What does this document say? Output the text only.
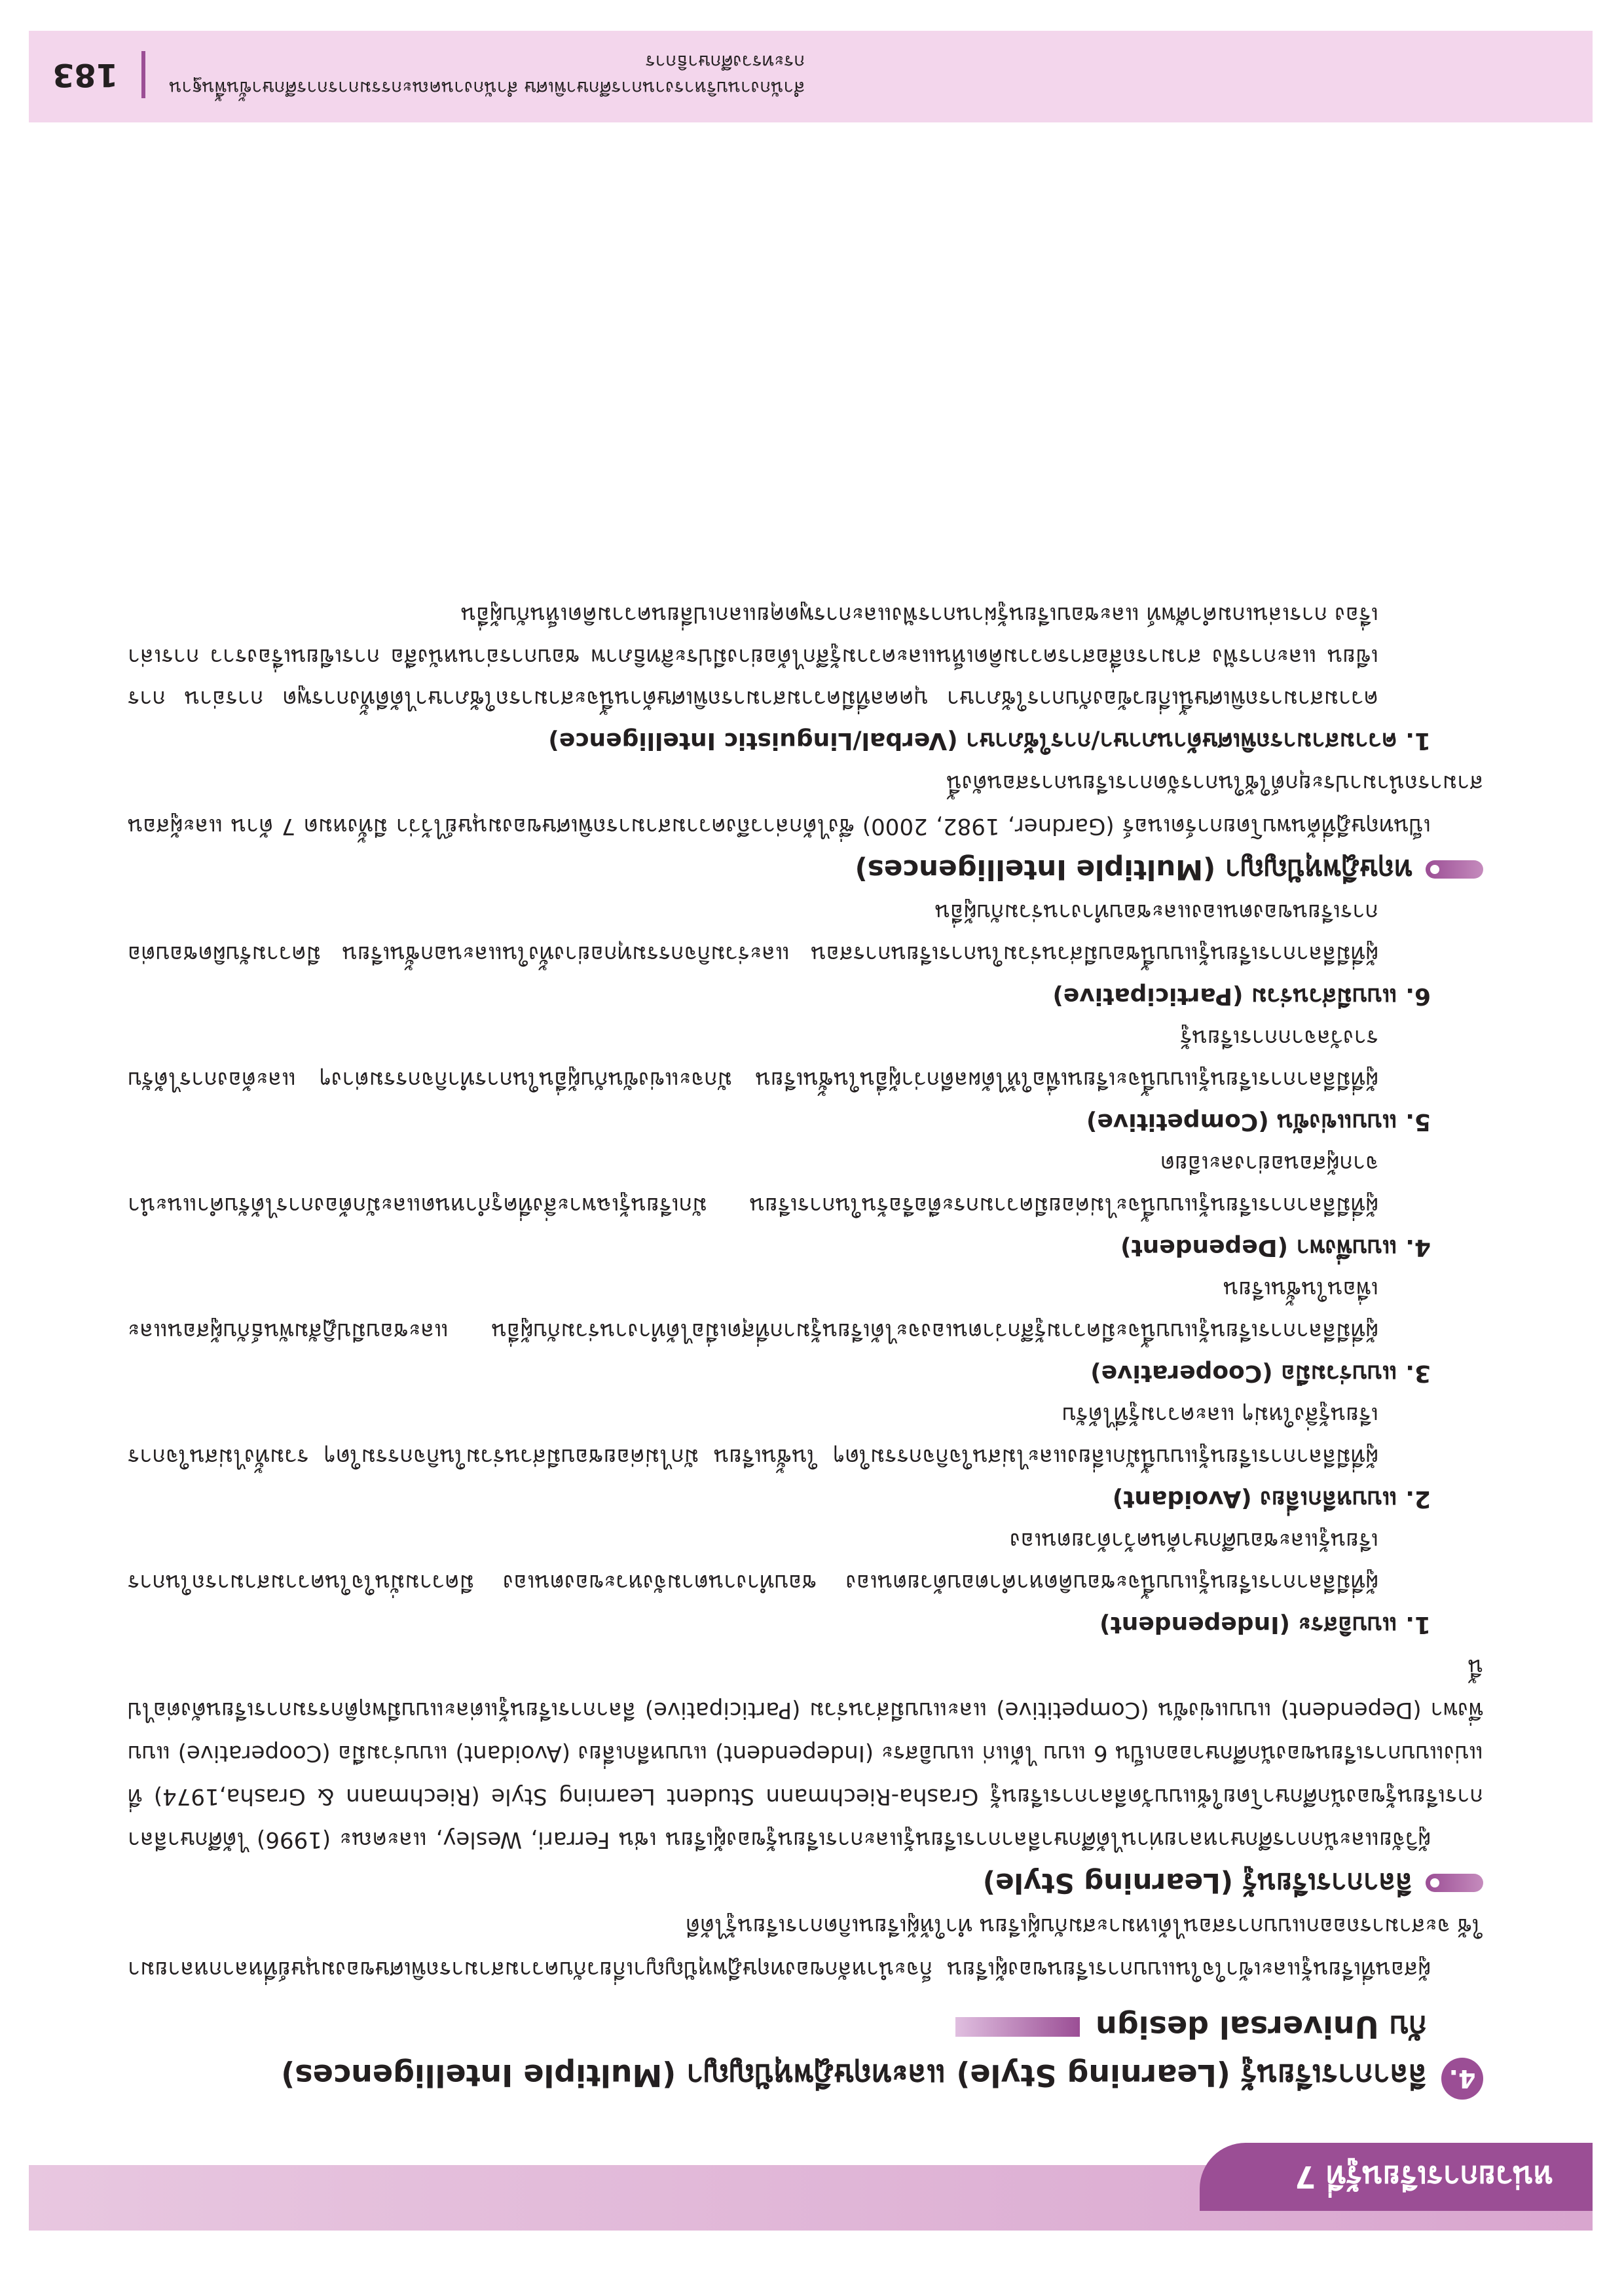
หน่วยการเรียนรู้ที่ 7
4.
ลีลาการเรียนรู้ (Learning Style) และทฤษฎีพหุปัญญา (Multiple Intelligences)
กับ Universal design

ผู้สอนที่เรียนรู้และเข้าใจในแบบการเรียนของผู้เรียน ก็จะนำหลักของทฤษฎีพหุปัญญาเกี่ยวกับความสามารถพิเศษของมนุษย์ที่หลากหลายมาใช้ จะสามารถออกแบบการสอนได้เหมาะสมกับผู้เรียน ทำให้ผู้เรียนเกิดการเรียนรู้ได้ดี

ลีลาการเรียนรู้ (Learning Style)

ผู้วิจัยและนักการศึกษาหลายท่านได้ศึกษาลีลาการเรียนรู้และการเรียนรู้ของผู้เรียน เช่น Ferrari, Wesley, และคณะ (1996) ได้ศึกษาลีลาการเรียนรู้ของนักศึกษาโดยใช้แบบวัดลีลาการเรียนรู้ Grasha-Riechmann Student Learning Style (Riechmann & Grasha,1974) ที่แบ่งแบบการเรียนของนักศึกษาออกเป็น 6 แบบ ได้แก่ แบบอิสระ (Independent) แบบหลีกเลี่ยง (Avoidant) แบบร่วมมือ (Cooperative) แบบพึ่งพา (Dependent) แบบแข่งขัน (Competitive) และแบบมีส่วนร่วม (Participative) ลีลาการเรียนรู้แต่ละแบบมีพฤติกรรมการเรียนดังต่อไปนี้

1. แบบอิสระ (Independent)
ผู้ที่มีลีลาการเรียนรู้แบบนี้จะชอบคิดหาคำตอบด้วยตนเอง ชอบทำงานตามจังหวะของตนเอง มีความมั่นใจในความสามารถในการเรียนรู้และชอบศึกษาค้นคว้าด้วยตนเอง
2. แบบหลีกเลี่ยง (Avoidant)
ผู้ที่มีลีลาการเรียนรู้แบบนี้มักเลี่ยงและไม่สนใจกิจกรรมใดๆ ในชั้นเรียน มักไม่ค่อยชอบมีส่วนร่วมในกิจกรรมใดๆ รวมทั้งไม่สนใจการเรียนรู้สิ่งใหม่ๆ และความรู้ที่ได้รับ
3. แบบร่วมมือ (Cooperative)
ผู้ที่มีลีลาการเรียนรู้แบบนี้จะมีความรู้สึกว่าตนเองจะได้เรียนรู้มากที่สุดเมื่อได้ทำงานร่วมกับผู้อื่น และชอบมีปฏิสัมพันธ์กับผู้สอนและเพื่อนในชั้นเรียน
4. แบบพึ่งพา (Dependent)
ผู้ที่มีลีลาการเรียนรู้แบบนี้จะไม่ค่อยมีความกระตือรือร้นในการเรียน มักเรียนรู้เฉพาะสิ่งที่ครูกำหนดและมักต้องการได้รับคำแนะนำจากผู้สอนอย่างละเอียด
5. แบบแข่งขัน (Competitive)
ผู้ที่มีลีลาการเรียนรู้แบบนี้จะเรียนเพื่อให้ได้ผลดีกว่าผู้อื่นในชั้นเรียน มักจะแข่งขันกับผู้อื่นในการทำกิจกรรมต่างๆ และต้องการได้รับรางวัลจากการเรียนรู้
6. แบบมีส่วนร่วม (Participative)
ผู้ที่มีลีลาการเรียนรู้แบบนี้ชอบมีส่วนร่วมในการเรียนการสอน และร่วมกิจกรรมทุกอย่างทั้งในและนอกชั้นเรียน มีความรับผิดชอบต่อการเรียนของตนเองและชอบทำงานร่วมกับผู้อื่น
ทฤษฎีพหุปัญญา (Multiple Intelligences)

เป็นทฤษฎีที่ค้นพบโดยการ์ดเนอร์ (Gardner, 1982, 2000) ซึ่งได้กล่าวถึงความสามารถพิเศษของมนุษย์ไว้ว่า มีทั้งหมด 7 ด้าน และผู้สอนสามารถนำมาประยุกต์ใช้ในการจัดการเรียนการสอนดังนี้

1. ความสามารถพิเศษด้านภาษา/การใช้ภาษา (Verbal/Linguistic Intelligence)
ความสามารถพิเศษนี้เกี่ยวข้องกับการใช้ภาษา บุคคลที่มีความสามารถพิเศษด้านนี้จะสามารถใช้ภาษาได้ดีทั้งการพูด การอ่าน การเขียน และการฟัง สามารถสื่อสารความคิดเห็นและความรู้สึกได้อย่างมีประสิทธิภาพ ชอบการอ่านหนังสือ การเขียนเรื่องราว การเล่าเรื่อง การเล่นเกมคำศัพท์ และชอบเรียนรู้ผ่านการฟังและการพูดคุยแลกเปลี่ยนความคิดเห็นกับผู้อื่น
สำนักงานบริหารงานการศึกษาพิเศษ สำนักงานคณะกรรมการการศึกษาขั้นพื้นฐาน
กระทรวงศึกษาธิการ
183
